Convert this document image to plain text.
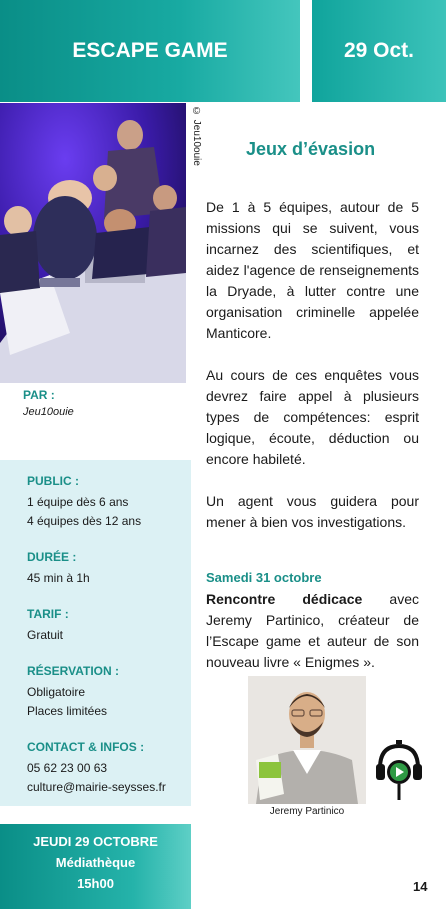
ESCAPE GAME	29 Oct.
© Jeu10ouie
PAR :
Jeu10ouie
PUBLIC :
1 équipe dès 6 ans
4 équipes dès 12 ans
DURÉE :
45 min à 1h
TARIF :
Gratuit
RÉSERVATION :
Obligatoire
Places limitées
CONTACT & INFOS :
05 62 23 00 63
culture@mairie-seysses.fr
JEUDI 29 OCTOBRE
Médiathèque
15h00
Jeux d’évasion

De 1 à 5 équipes, autour de 5 missions qui se suivent, vous incarnez des scientifiques, et aidez l'agence de renseignements la Dryade, à lutter contre une organisation criminelle appelée Manticore.

Au cours de ces enquêtes vous devrez faire appel à plusieurs types de compétences: esprit logique, écoute, déduction ou encore habileté.

Un agent vous guidera pour mener à bien vos investigations.

Samedi 31 octobre
Rencontre dédicace avec Jeremy Partinico, créateur de l’Escape game et auteur de son nouveau livre « Enigmes ».
Jeremy Partinico
14
